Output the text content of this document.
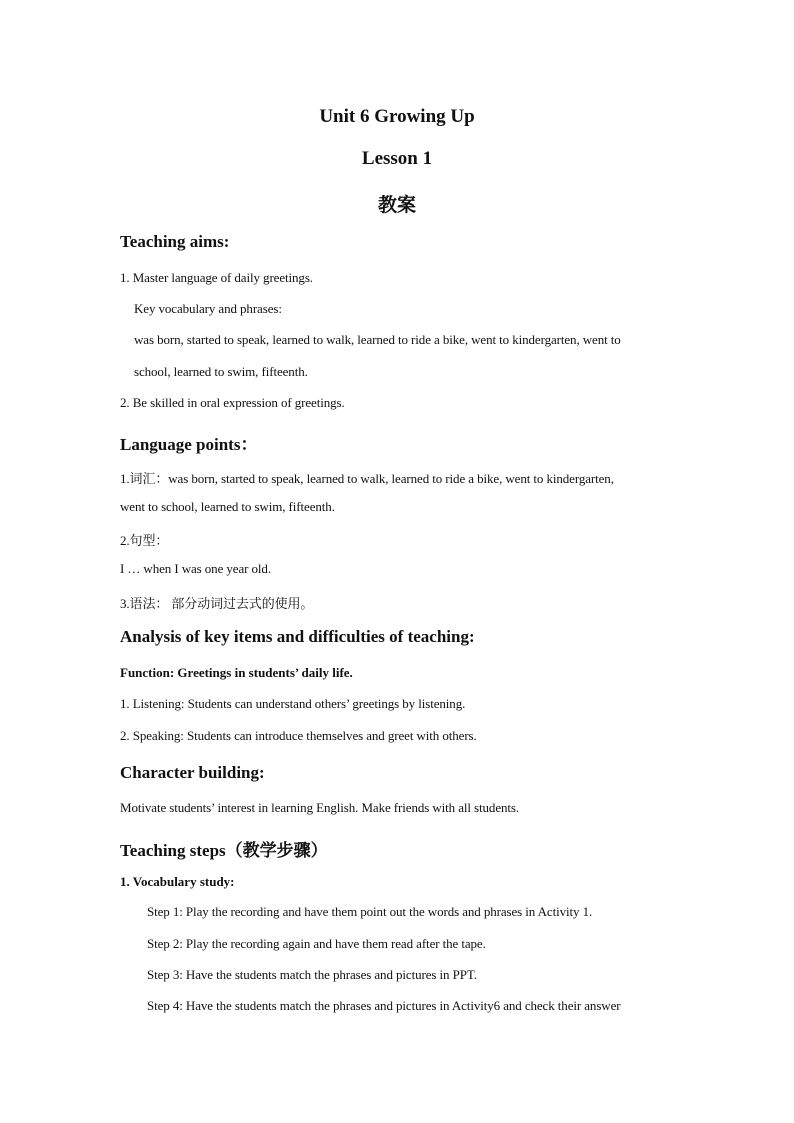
Unit 6 Growing Up
Lesson 1
教案
Teaching aims:

1. Master language of daily greetings.

Key vocabulary and phrases:

was born, started to speak, learned to walk, learned to ride a bike, went to kindergarten, went to

school, learned to swim, fifteenth.

2. Be skilled in oral expression of greetings.

Language points：

1.词汇：was born, started to speak, learned to walk, learned to ride a bike, went to kindergarten,

went to school, learned to swim, fifteenth.

2.句型：

I … when I was one year old.

3.语法： 部分动词过去式的使用。

Analysis of key items and difficulties of teaching:

Function: Greetings in students’ daily life.

1. Listening: Students can understand others’ greetings by listening.

2. Speaking: Students can introduce themselves and greet with others.

Character building:

Motivate students’ interest in learning English. Make friends with all students.

Teaching steps（教学步骤）

1. Vocabulary study:

Step 1: Play the recording and have them point out the words and phrases in Activity 1.

Step 2: Play the recording again and have them read after the tape.

Step 3: Have the students match the phrases and pictures in PPT.

Step 4: Have the students match the phrases and pictures in Activity6 and check their answer
